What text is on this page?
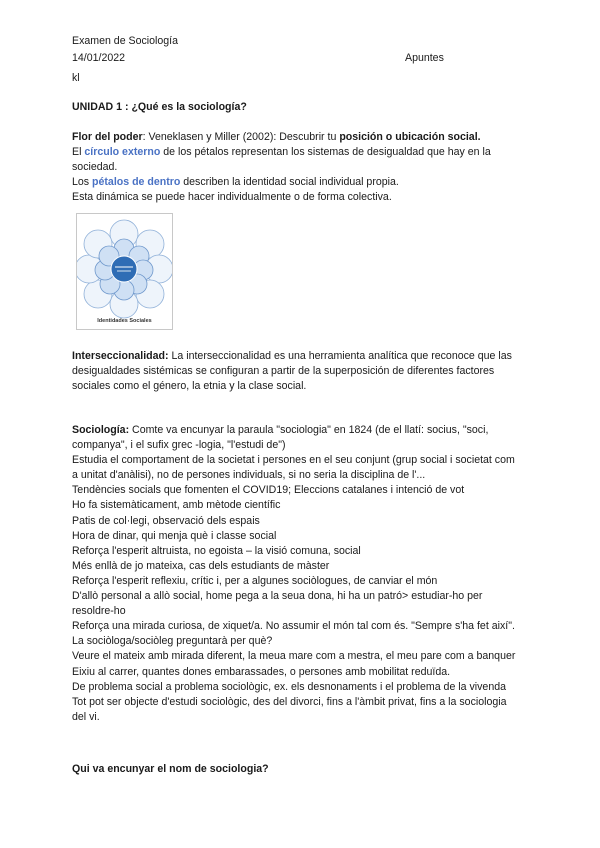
Examen de Sociología
14/01/2022	Apuntes
kl
UNIDAD 1 : ¿Qué es la sociología?

Flor del poder: Veneklasen y Miller (2002): Descubrir tu posición o ubicación social.

El círculo externo de los pétalos representan los sistemas de desigualdad que hay en la sociedad.

Los pétalos de dentro describen la identidad social individual propia.

Esta dinámica se puede hacer individualmente o de forma colectiva.

Identidades Sociales

Interseccionalidad: La interseccionalidad es una herramienta analítica que reconoce que las desigualdades sistémicas se configuran a partir de la superposición de diferentes factores sociales como el género, la etnia y la clase social.

Sociología: Comte va encunyar la paraula "sociologia" en 1824 (de el llatí: socius, "soci, companya", i el sufix grec -logia, "l'estudi de")

Estudia el comportament de la societat i persones en el seu conjunt (grup social i societat com a unitat d'anàlisi), no de persones individuals, si no seria la disciplina de l'...

Tendències socials que fomenten el COVID19; Eleccions catalanes i intenció de vot

Ho fa sistemàticament, amb mètode científic

Patis de col·legi, observació dels espais

Hora de dinar, qui menja què i classe social

Reforça l'esperit altruista, no egoista – la visió comuna, social

Més enllà de jo mateixa, cas dels estudiants de màster

Reforça l'esperit reflexiu, crític i, per a algunes sociòlogues, de canviar el món

D'allò personal a allò social, home pega a la seua dona, hi ha un patró> estudiar-ho per resoldre-ho

Reforça una mirada curiosa, de xiquet/a. No assumir el món tal com és. "Sempre s'ha fet així". La sociòloga/sociòleg preguntarà per què?

Veure el mateix amb mirada diferent, la meua mare com a mestra, el meu pare com a banquer

Eixiu al carrer, quantes dones embarassades, o persones amb mobilitat reduïda.

De problema social a problema sociològic, ex. els desnonaments i el problema de la vivenda

Tot pot ser objecte d'estudi sociològic, des del divorci, fins a l'àmbit privat, fins a la sociologia del vi.

Qui va encunyar el nom de sociologia?
